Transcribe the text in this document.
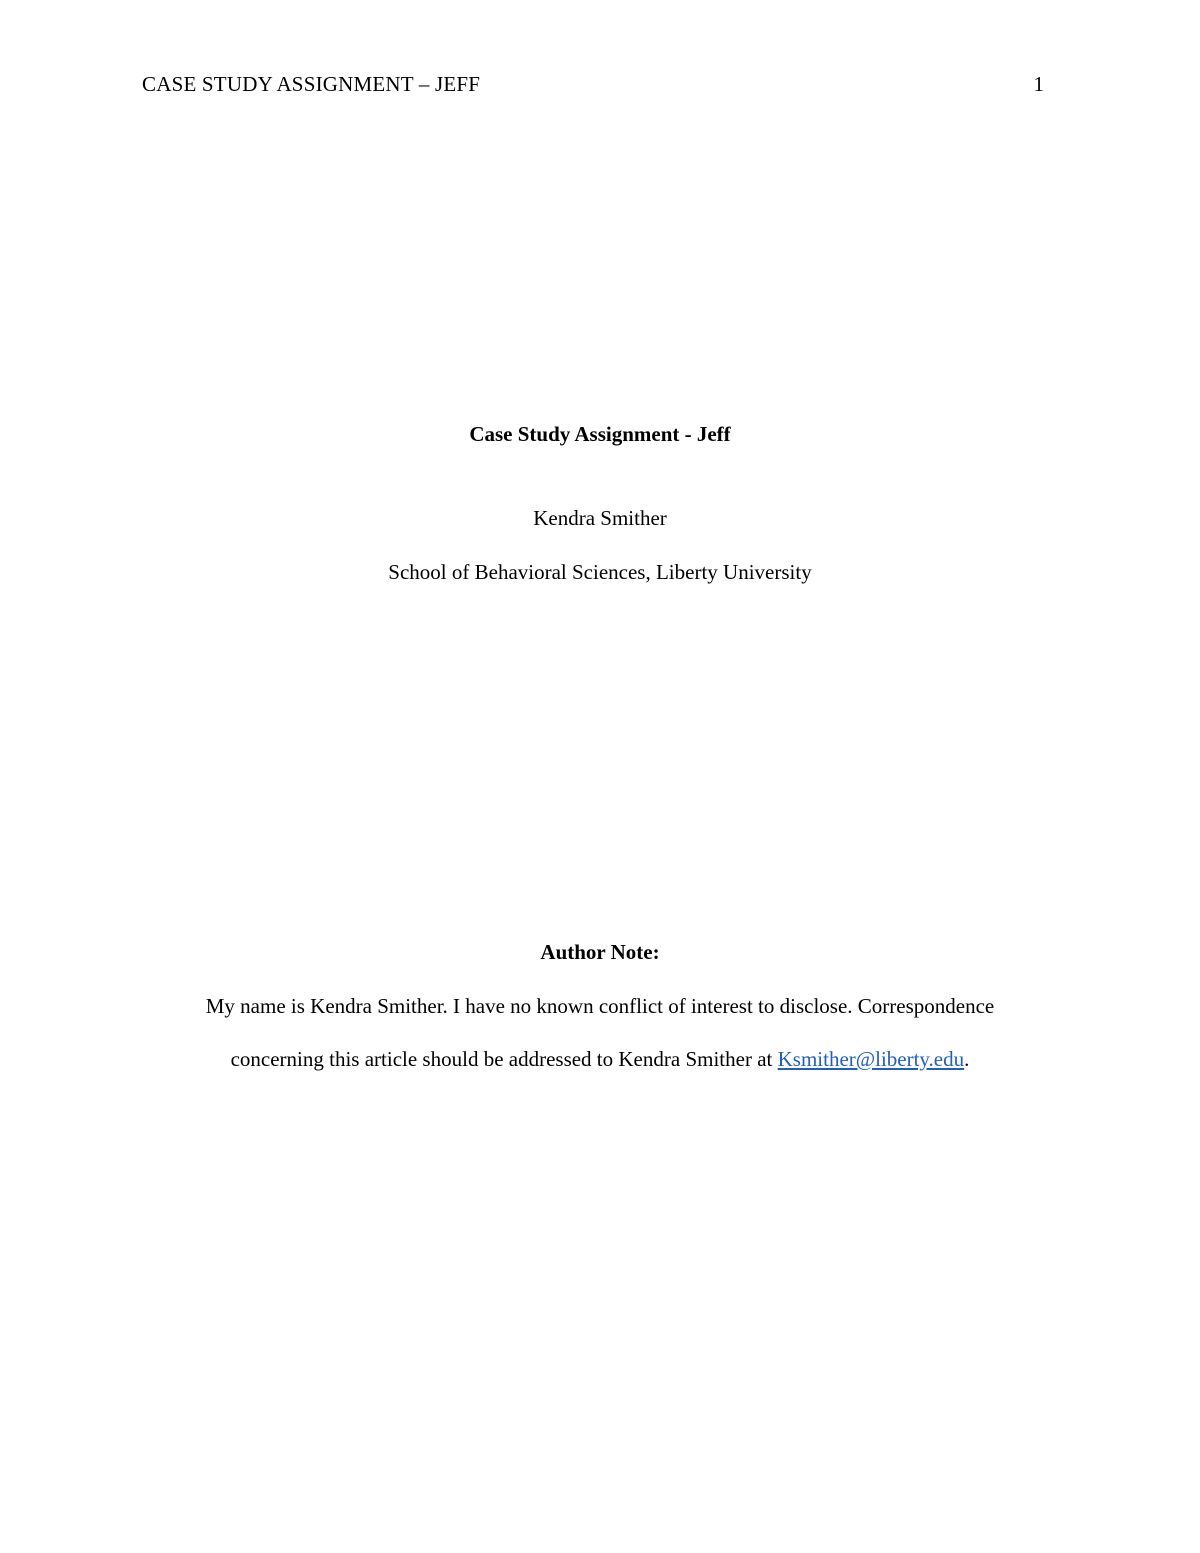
CASE STUDY ASSIGNMENT – JEFF	1
Case Study Assignment - Jeff
Kendra Smither
School of Behavioral Sciences, Liberty University
Author Note:
My name is Kendra Smither. I have no known conflict of interest to disclose. Correspondence
concerning this article should be addressed to Kendra Smither at Ksmither@liberty.edu.
